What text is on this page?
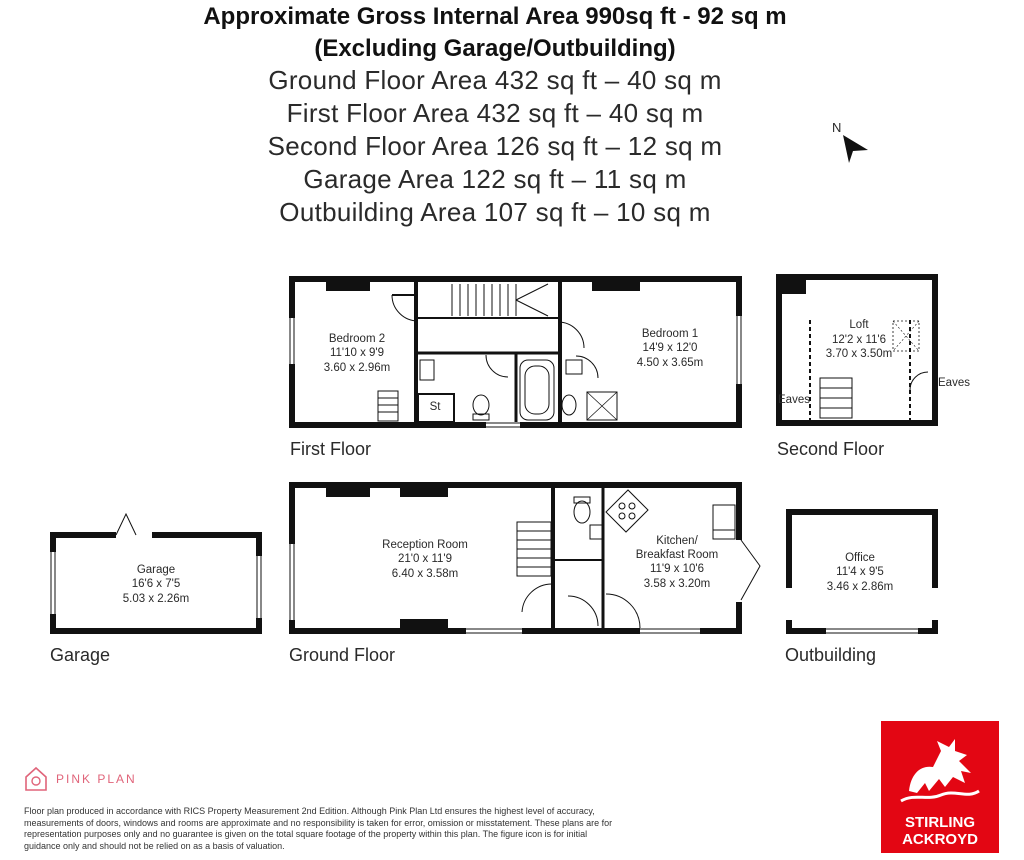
Approximate Gross Internal Area 990sq ft - 92 sq m
(Excluding Garage/Outbuilding)
Ground Floor Area 432 sq ft – 40 sq m
First Floor Area 432 sq ft – 40 sq m
Second Floor Area 126 sq ft – 12 sq m
Garage Area 122 sq ft – 11 sq m
Outbuilding Area 107 sq ft – 10 sq m
N
Bedroom 2
11'10 x 9'9
3.60 x 2.96m
Bedroom 1
14'9 x 12'0
4.50 x 3.65m
St
First Floor
Loft
12'2 x 11'6
3.70 x 3.50m
Eaves
Eaves
Second Floor
Reception Room
21'0 x 11'9
6.40 x 3.58m
Kitchen/
Breakfast Room
11'9 x 10'6
3.58 x 3.20m
Ground Floor
Garage
16'6 x 7'5
5.03 x 2.26m
Garage
Office
11'4 x 9'5
3.46 x 2.86m
Outbuilding
PINK PLAN
Floor plan produced in accordance with RICS Property Measurement 2nd Edition. Although Pink Plan Ltd ensures the highest level of accuracy, measurements of doors, windows and rooms are approximate and no responsibility is taken for error, omission or misstatement. These plans are for representation purposes only and no guarantee is given on the total square footage of the property within this plan. The figure icon is for initial guidance only and should not be relied on as a basis of valuation.
STIRLING
ACKROYD
